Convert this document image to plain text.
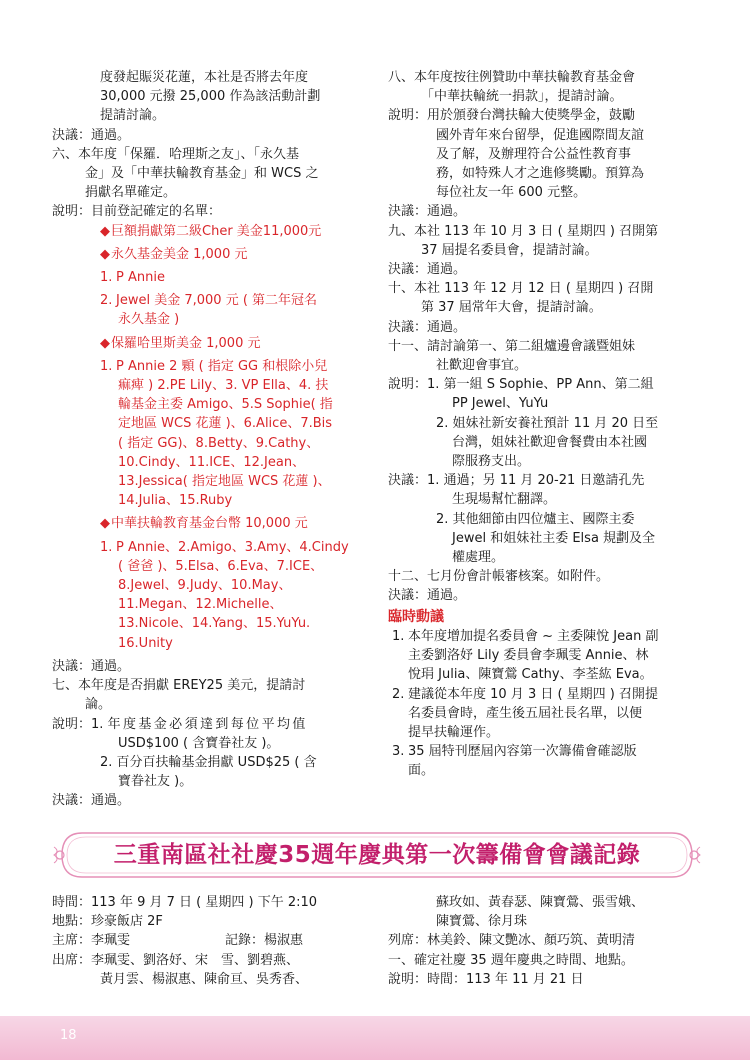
度發起賑災花蓮，本社是否將去年度
30,000 元撥 25,000 作為該活動計劃
提請討論。
決議：通過。
六、本年度「保羅．哈理斯之友」、「永久基
金」及「中華扶輪教育基金」和 WCS 之
捐獻名單確定。
說明：目前登記確定的名單：
◆巨額捐獻第二級Cher 美金11,000元
◆永久基金美金 1,000 元
1. P Annie
2. Jewel 美金 7,000 元 ( 第二年冠名
永久基金 )
◆保羅哈里斯美金 1,000 元
1. P Annie 2 顆 ( 指定 GG 和根除小兒
痲痺 ) 2.PE Lily、3. VP Ella、4. 扶
輪基金主委 Amigo、5.S Sophie( 指
定地區 WCS 花蓮 )、6.Alice、7.Bis
( 指定 GG)、8.Betty、9.Cathy、
10.Cindy、11.ICE、12.Jean、
13.Jessica( 指定地區 WCS 花蓮 )、
14.Julia、15.Ruby
◆中華扶輪教育基金台幣 10,000 元
1. P Annie、2.Amigo、3.Amy、4.Cindy
( 爸爸 )、5.Elsa、6.Eva、7.ICE、
8.Jewel、9.Judy、10.May、
11.Megan、12.Michelle、
13.Nicole、14.Yang、15.YuYu.
16.Unity
決議：通過。
七、本年度是否捐獻 EREY25 美元，提請討
論。
說明：1. 年度基金必須達到每位平均值
USD$100 ( 含寶眷社友 )。
2. 百分百扶輪基金捐獻 USD$25 ( 含
寶眷社友 )。
決議：通過。
八、本年度按往例贊助中華扶輪教育基金會
「中華扶輪統一捐款」，提請討論。
說明：用於頒發台灣扶輪大使獎學金，鼓勵
國外青年來台留學，促進國際間友誼
及了解，及辦理符合公益性教育事
務，如特殊人才之進修獎勵。預算為
每位社友一年 600 元整。
決議：通過。
九、本社 113 年 10 月 3 日 ( 星期四 ) 召開第
37 屆提名委員會，提請討論。
決議：通過。
十、本社 113 年 12 月 12 日 ( 星期四 ) 召開
第 37 屆常年大會，提請討論。
決議：通過。
十一、請討論第一、第二組爐邊會議暨姐妹
社歡迎會事宜。
說明：1. 第一組 S Sophie、PP Ann、第二組
PP Jewel、YuYu
2. 姐妹社新安養社預計 11 月 20 日至
台灣，姐妹社歡迎會餐費由本社國
際服務支出。
決議：1. 通過；另 11 月 20-21 日邀請孔先
生現場幫忙翻譯。
2. 其他細節由四位爐主、國際主委
Jewel 和姐妹社主委 Elsa 規劃及全
權處理。
十二、七月份會計帳審核案。如附件。
決議：通過。
臨時動議
1. 本年度增加提名委員會 ~ 主委陳悅 Jean 副
主委劉洛妤 Lily 委員會李珮雯 Annie、林
悅琄 Julia、陳寶鶯 Cathy、李荃紘 Eva。
2. 建議從本年度 10 月 3 日 ( 星期四 ) 召開提
名委員會時，產生後五屆社長名單，以便
提早扶輪運作。
3. 35 屆特刊歷屆內容第一次籌備會確認版
面。
三重南區社社慶35週年慶典第一次籌備會會議記錄
時間：113 年 9 月 7 日 ( 星期四 ) 下午 2:10
地點：珍豪飯店 2F
主席：李珮雯	記錄：楊淑惠
出席：李珮雯、劉洛妤、宋　雪、劉碧燕、
黃月雲、楊淑惠、陳俞亘、吳秀香、
蘇玫如、黃春瑟、陳寶鶯、張雪娥、
陳寶鶯、徐月珠
列席：林美鈴、陳文艷冰、顏巧筑、黃明清
一、確定社慶 35 週年慶典之時間、地點。
說明：時間：113 年 11 月 21 日
18
